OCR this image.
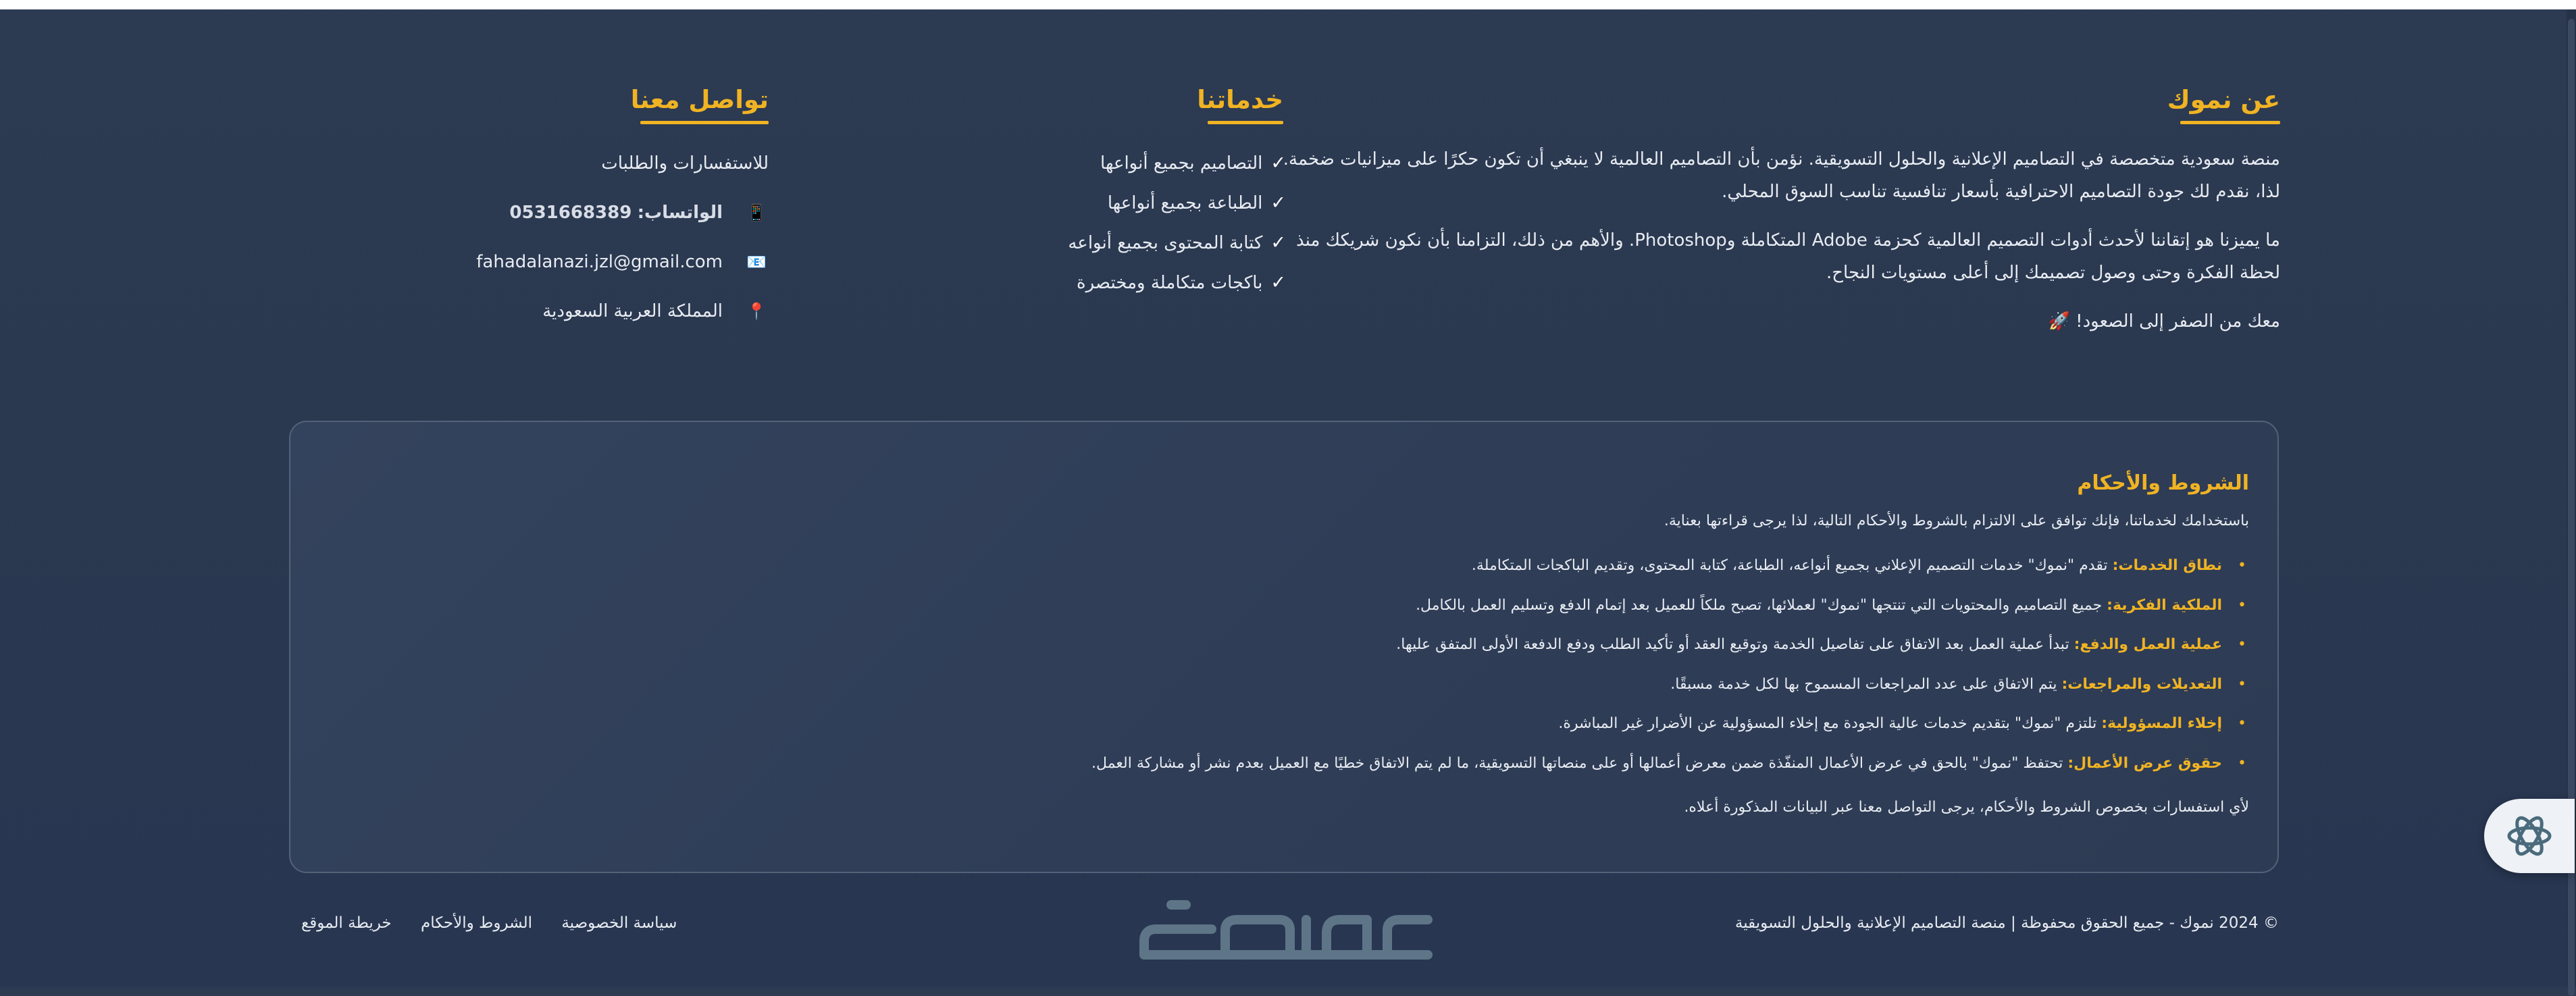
عن نموك

منصة سعودية متخصصة في التصاميم الإعلانية والحلول التسويقية. نؤمن بأن التصاميم العالمية لا ينبغي أن تكون حكرًا على ميزانيات ضخمة. لذا، نقدم لك جودة التصاميم الاحترافية بأسعار تنافسية تناسب السوق المحلي.

ما يميزنا هو إتقاننا لأحدث أدوات التصميم العالمية كحزمة Adobe المتكاملة وPhotoshop. والأهم من ذلك، التزامنا بأن نكون شريكك منذ لحظة الفكرة وحتى وصول تصميمك إلى أعلى مستويات النجاح.

معك من الصفر إلى الصعود! 🚀

خدماتنا
✓التصاميم بجميع أنواعها
✓الطباعة بجميع أنواعها
✓كتابة المحتوى بجميع أنواعه
✓باكجات متكاملة ومختصرة
تواصل معنا
للاستفسارات والطلبات
📱الواتساب: 0531668389
📧fahadalanazi.jzl@gmail.com
📍المملكة العربية السعودية
الشروط والأحكام
باستخدامك لخدماتنا، فإنك توافق على الالتزام بالشروط والأحكام التالية، لذا يرجى قراءتها بعناية.
• نطاق الخدمات: تقدم "نموك" خدمات التصميم الإعلاني بجميع أنواعه، الطباعة، كتابة المحتوى، وتقديم الباكجات المتكاملة.
• الملكية الفكرية: جميع التصاميم والمحتويات التي تنتجها "نموك" لعملائها، تصبح ملكاً للعميل بعد إتمام الدفع وتسليم العمل بالكامل.
• عملية العمل والدفع: تبدأ عملية العمل بعد الاتفاق على تفاصيل الخدمة وتوقيع العقد أو تأكيد الطلب ودفع الدفعة الأولى المتفق عليها.
• التعديلات والمراجعات: يتم الاتفاق على عدد المراجعات المسموح بها لكل خدمة مسبقًا.
• إخلاء المسؤولية: تلتزم "نموك" بتقديم خدمات عالية الجودة مع إخلاء المسؤولية عن الأضرار غير المباشرة.
• حقوق عرض الأعمال: تحتفظ "نموك" بالحق في عرض الأعمال المنفّذة ضمن معرض أعمالها أو على منصاتها التسويقية، ما لم يتم الاتفاق خطيًا مع العميل بعدم نشر أو مشاركة العمل.
لأي استفسارات بخصوص الشروط والأحكام، يرجى التواصل معنا عبر البيانات المذكورة أعلاه.
© 2024 نموك - جميع الحقوق محفوظة | منصة التصاميم الإعلانية والحلول التسويقية
سياسة الخصوصية الشروط والأحكام خريطة الموقع
